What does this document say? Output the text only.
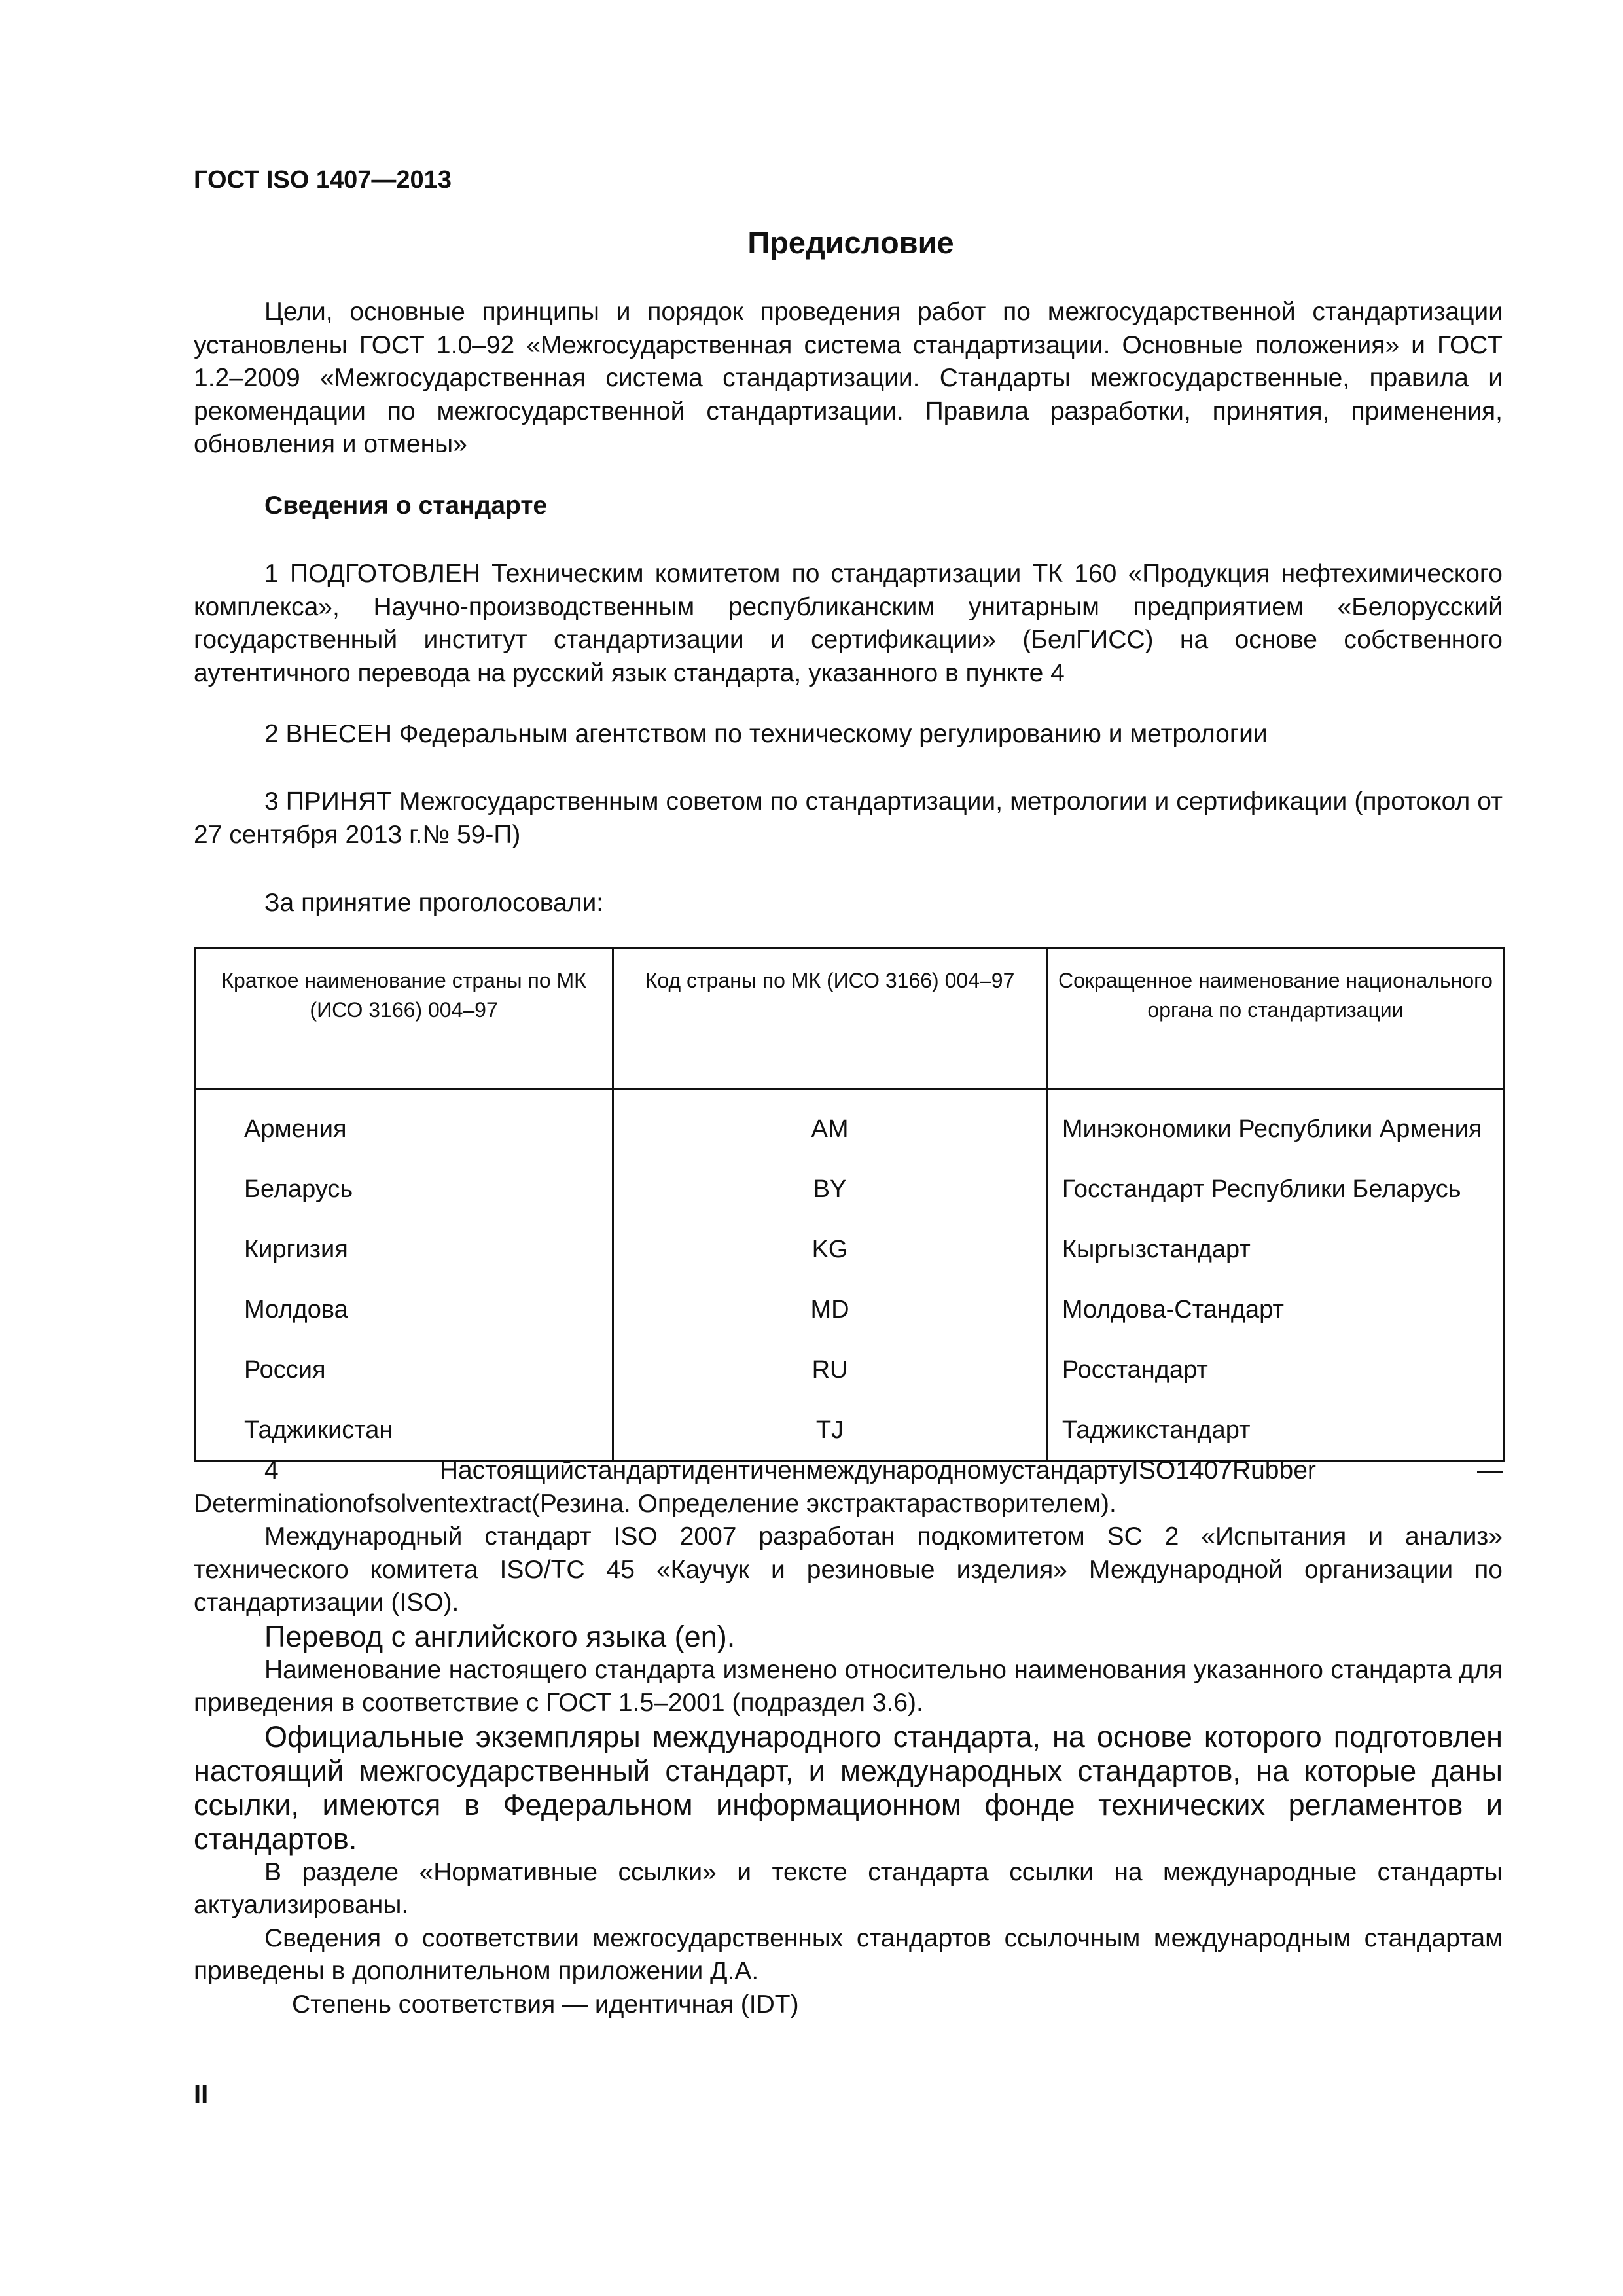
ГОСТ ISO 1407—2013
Предисловие

Цели, основные принципы и порядок проведения работ по межгосударственной стандартизации установлены ГОСТ 1.0–92 «Межгосударственная система стандартизации. Основные положения» и ГОСТ 1.2–2009 «Межгосударственная система стандартизации. Стандарты межгосударственные, правила и рекомендации по межгосударственной стандартизации. Правила разработки, принятия, применения, обновления и отмены»

Сведения о стандарте

1 ПОДГОТОВЛЕН Техническим комитетом по стандартизации ТК 160 «Продукция нефтехимического комплекса», Научно-производственным республиканским унитарным предприятием «Белорусский государственный институт стандартизации и сертификации» (БелГИСС) на основе собственного аутентичного перевода на русский язык стандарта, указанного в пункте 4

2 ВНЕСЕН Федеральным агентством по техническому регулированию и метрологии

3 ПРИНЯТ Межгосударственным советом по стандартизации, метрологии и сертификации (протокол от 27 сентября 2013 г.№ 59-П)

За принятие проголосовали:

Краткое наименование страны по МК (ИСО 3166) 004–97	Код страны по МК (ИСО 3166) 004–97	Сокращенное наименование национального органа по стандартизации
Армения	AM	Минэкономики Республики Армения
Беларусь	BY	Госстандарт Республики Беларусь
Киргизия	KG	Кыргызстандарт
Молдова	MD	Молдова-Стандарт
Россия	RU	Росстандарт
Таджикистан	TJ	Таджикстандарт

4 НастоящийстандартидентиченмеждународномустандартуISO1407Rubber — Determinationofsolventextract(Резина. Определение экстрактарастворителем).

Международный стандарт ISO 2007 разработан подкомитетом SC 2 «Испытания и анализ» технического комитета ISO/TC 45 «Каучук и резиновые изделия» Международной организации по стандартизации (ISO).

Перевод с английского языка (en).

Наименование настоящего стандарта изменено относительно наименования указанного стандарта для приведения в соответствие с ГОСТ 1.5–2001 (подраздел 3.6).

Официальные экземпляры международного стандарта, на основе которого подготовлен настоящий межгосударственный стандарт, и международных стандартов, на которые даны ссылки, имеются в Федеральном информационном фонде технических регламентов и стандартов.

В разделе «Нормативные ссылки» и тексте стандарта ссылки на международные стандарты актуализированы.

Сведения о соответствии межгосударственных стандартов ссылочным международным стандартам приведены в дополнительном приложении Д.А.

Степень соответствия — идентичная (IDT)

II
